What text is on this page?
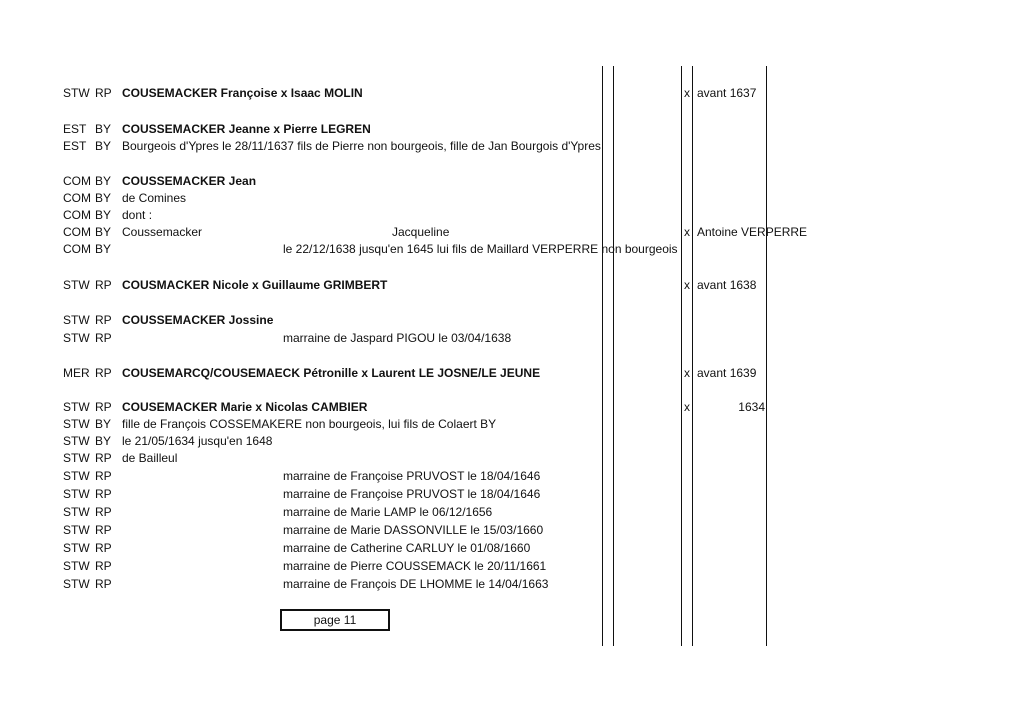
STW RP COUSEMACKER Françoise x Isaac MOLIN	x avant 1637
EST BY COUSSEMACKER Jeanne x Pierre LEGREN
EST BY Bourgeois d'Ypres le 28/11/1637 fils de Pierre non bourgeois, fille de Jan Bourgois d'Ypres
COM BY COUSSEMACKER Jean
COM BY de Comines
COM BY dont :
COM BY Coussemacker	Jacqueline	x Antoine VERPERRE
COM BY	le 22/12/1638 jusqu'en 1645 lui fils de Maillard VERPERRE non bourgeois
STW RP COUSMACKER Nicole x Guillaume GRIMBERT	x avant 1638
STW RP COUSSEMACKER Jossine
STW RP	marraine de Jaspard PIGOU le 03/04/1638
MER RP COUSEMARCQ/COUSEMAECK Pétronille x Laurent LE JOSNE/LE JEUNE	x avant 1639
STW RP COUSEMACKER Marie x Nicolas CAMBIER	x	1634
STW BY fille de François COSSEMAKERE non bourgeois, lui fils de Colaert BY
STW BY le 21/05/1634 jusqu'en 1648
STW RP de Bailleul
STW RP	marraine de Françoise PRUVOST le 18/04/1646
STW RP	marraine de Françoise PRUVOST le 18/04/1646
STW RP	marraine de Marie LAMP le 06/12/1656
STW RP	marraine de Marie DASSONVILLE le 15/03/1660
STW RP	marraine de Catherine CARLUY le 01/08/1660
STW RP	marraine de Pierre COUSSEMACK le 20/11/1661
STW RP	marraine de François DE LHOMME le 14/04/1663
page 11
